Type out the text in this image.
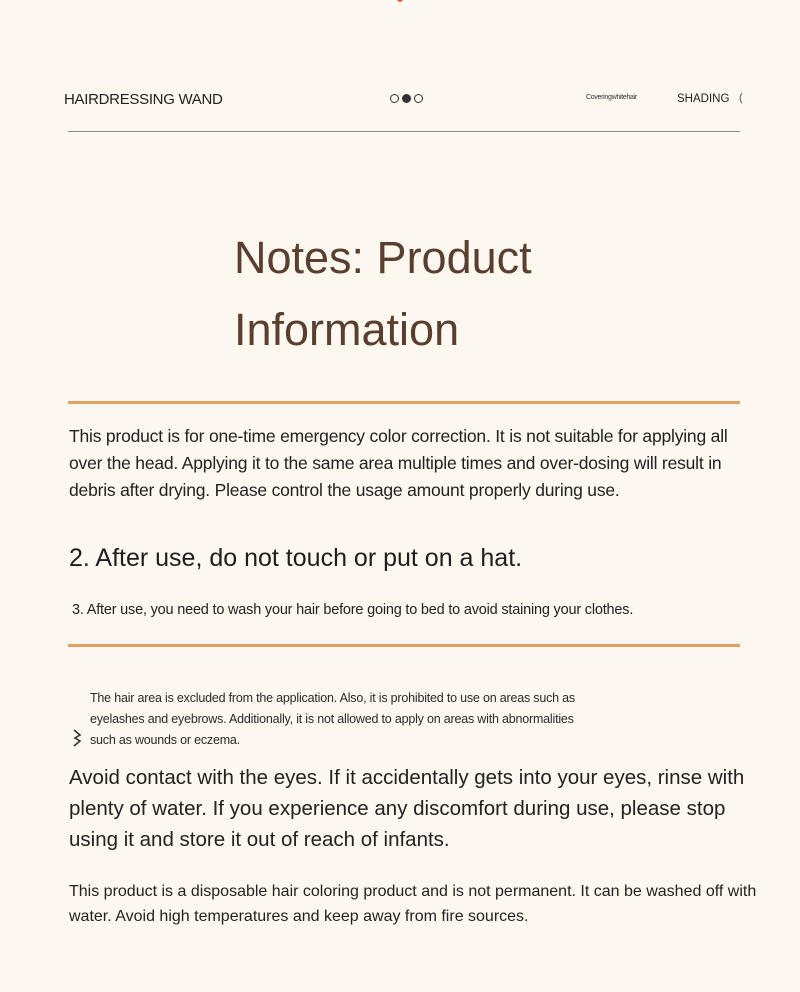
HAIRDRESSING WAND	Coveringwhitehair	SHADING (
Notes: Product
Information

This product is for one-time emergency color correction. It is not suitable for applying all over the head. Applying it to the same area multiple times and over-dosing will result in debris after drying. Please control the usage amount properly during use.

2. After use, do not touch or put on a hat.

3. After use, you need to wash your hair before going to bed to avoid staining your clothes.

The hair area is excluded from the application. Also, it is prohibited to use on areas such as eyelashes and eyebrows. Additionally, it is not allowed to apply on areas with abnormalities such as wounds or eczema.

Avoid contact with the eyes. If it accidentally gets into your eyes, rinse with plenty of water. If you experience any discomfort during use, please stop using it and store it out of reach of infants.

This product is a disposable hair coloring product and is not permanent. It can be washed off with water. Avoid high temperatures and keep away from fire sources.
